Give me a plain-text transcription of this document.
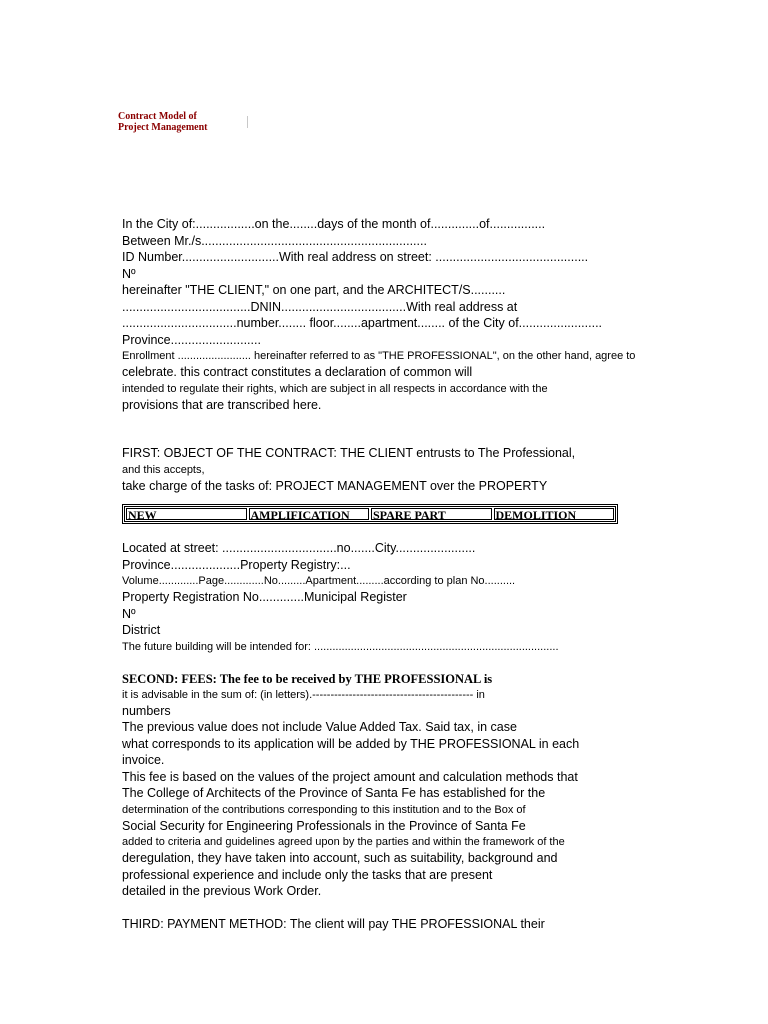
Contract Model of
Project Management
In the City of:.................on the........days of the month of..............of................
Between Mr./s.................................................................
ID Number............................With real address on street: ............................................
Nº
hereinafter "THE CLIENT," on one part, and the ARCHITECT/S..........
.....................................DNIN....................................With real address at
.................................number........ floor........apartment........ of the City of........................
Province..........................
Enrollment ........................ hereinafter referred to as "THE PROFESSIONAL", on the other hand, agree to
celebrate. this contract constitutes a declaration of common will
intended to regulate their rights, which are subject in all respects in accordance with the
provisions that are transcribed here.
FIRST: OBJECT OF THE CONTRACT: THE CLIENT entrusts to The Professional,
and this accepts,
take charge of the tasks of: PROJECT MANAGEMENT over the PROPERTY
NEW	AMPLIFICATION	SPARE PART	DEMOLITION
Located at street: .................................no.......City.......................
Province....................Property Registry:...
Volume.............Page.............No.........Apartment.........according to plan No..........
Property Registration No.............Municipal Register
Nº
District
The future building will be intended for: ................................................................................
SECOND: FEES: The fee to be received by THE PROFESSIONAL is
it is advisable in the sum of: (in letters).-------------------------------------------- in
numbers
The previous value does not include Value Added Tax. Said tax, in case
what corresponds to its application will be added by THE PROFESSIONAL in each
invoice.
This fee is based on the values of the project amount and calculation methods that
The College of Architects of the Province of Santa Fe has established for the
determination of the contributions corresponding to this institution and to the Box of
Social Security for Engineering Professionals in the Province of Santa Fe
added to criteria and guidelines agreed upon by the parties and within the framework of the
deregulation, they have taken into account, such as suitability, background and
professional experience and include only the tasks that are present
detailed in the previous Work Order.
THIRD: PAYMENT METHOD: The client will pay THE PROFESSIONAL their
